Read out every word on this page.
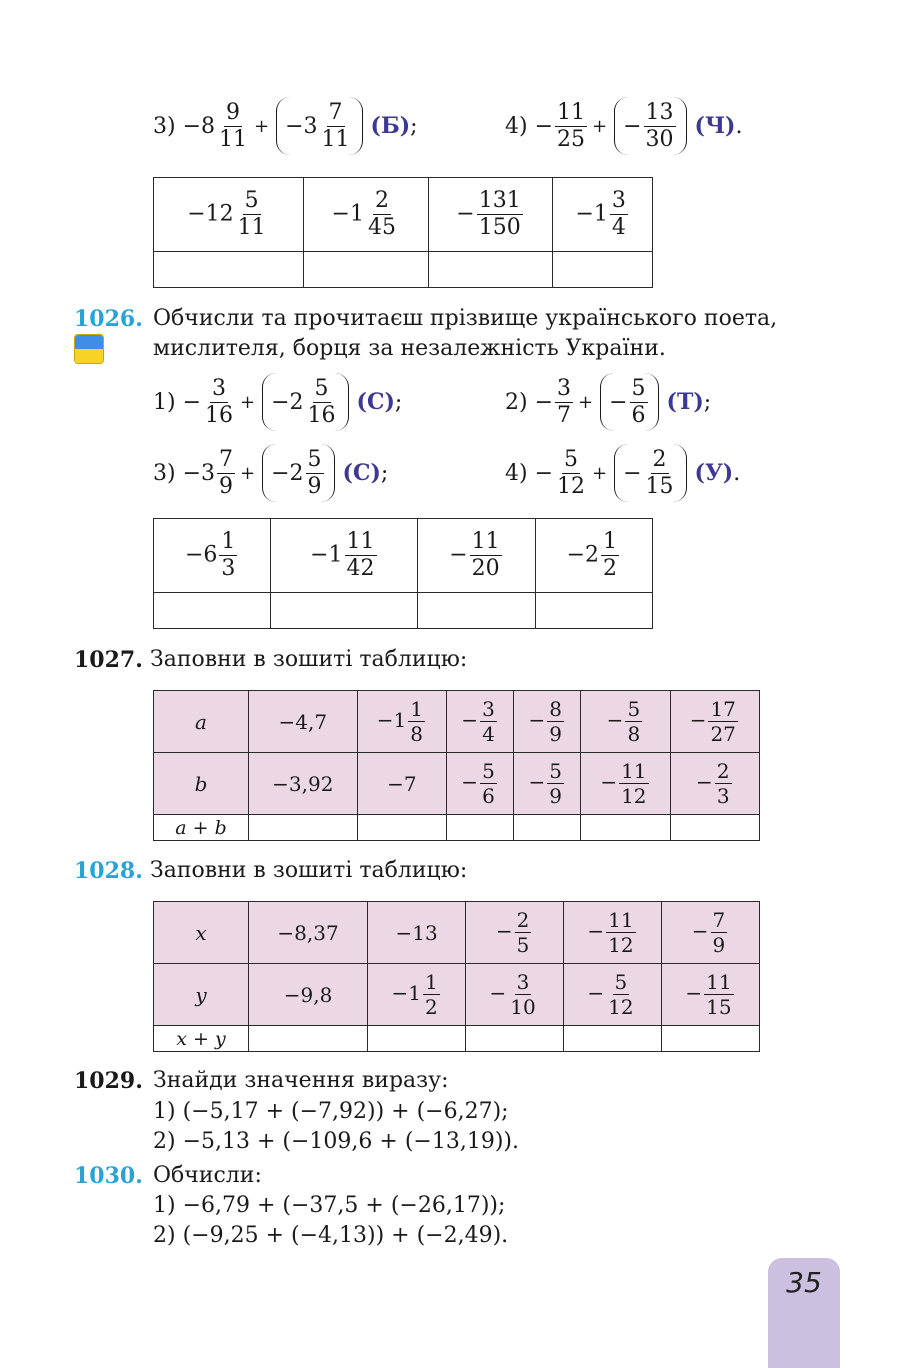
$3) -8 \frac{9}{11} + -3 \frac{7}{11} (Б)$ ;	$4) - \frac{11}{25}$ + − $\frac{13}{30} (Ч)$ .
$-12 \frac{5}{11}$	$-1 \frac{2}{45}$	− $\frac{131}{150}$	$-1 \frac{3}{4}$

1026. Обчисли та прочитаєш прізвище українського поета,
мислителя, борця за незалежність України.
$1) - \frac{3}{16} + -2 \frac{5}{16} (С)$ ;	$2) - \frac{3}{7}$ + − $\frac{5}{6} (Т)$ ;
$3) -3 \frac{7}{9} + -2 \frac{5}{9} (С)$ ;	$4) - \frac{5}{12}$ + − $\frac{2}{15} (У)$ .
$-6 \frac{1}{3}$	$-1 \frac{11}{42}$	− $\frac{11}{20}$	$-2 \frac{1}{2}$

1027. Заповни в зошиті таблицю:
a	−4,7	$-1 \frac{1}{8}$	− $\frac{3}{4}$	− $\frac{8}{9}$	− $\frac{5}{8}$	− $\frac{17}{27}$

b	−3,92	−7	− $\frac{5}{6}$	− $\frac{5}{9}$	− $\frac{11}{12}$	− $\frac{2}{3}$

a + b						
1028. Заповни в зошиті таблицю:
x	−8,37	−13	− $\frac{2}{5}$	− $\frac{11}{12}$	− $\frac{7}{9}$

y	−9,8	$-1 \frac{1}{2}$	− $\frac{3}{10}$	− $\frac{5}{12}$	− $\frac{11}{15}$

x + y					
1029. Знайди значення виразу:
1) (−5,17 + (−7,92)) + (−6,27);
2) −5,13 + (−109,6 + (−13,19)).
1030. Обчисли:
1) −6,79 + (−37,5 + (−26,17));
2) (−9,25 + (−4,13)) + (−2,49).
35
